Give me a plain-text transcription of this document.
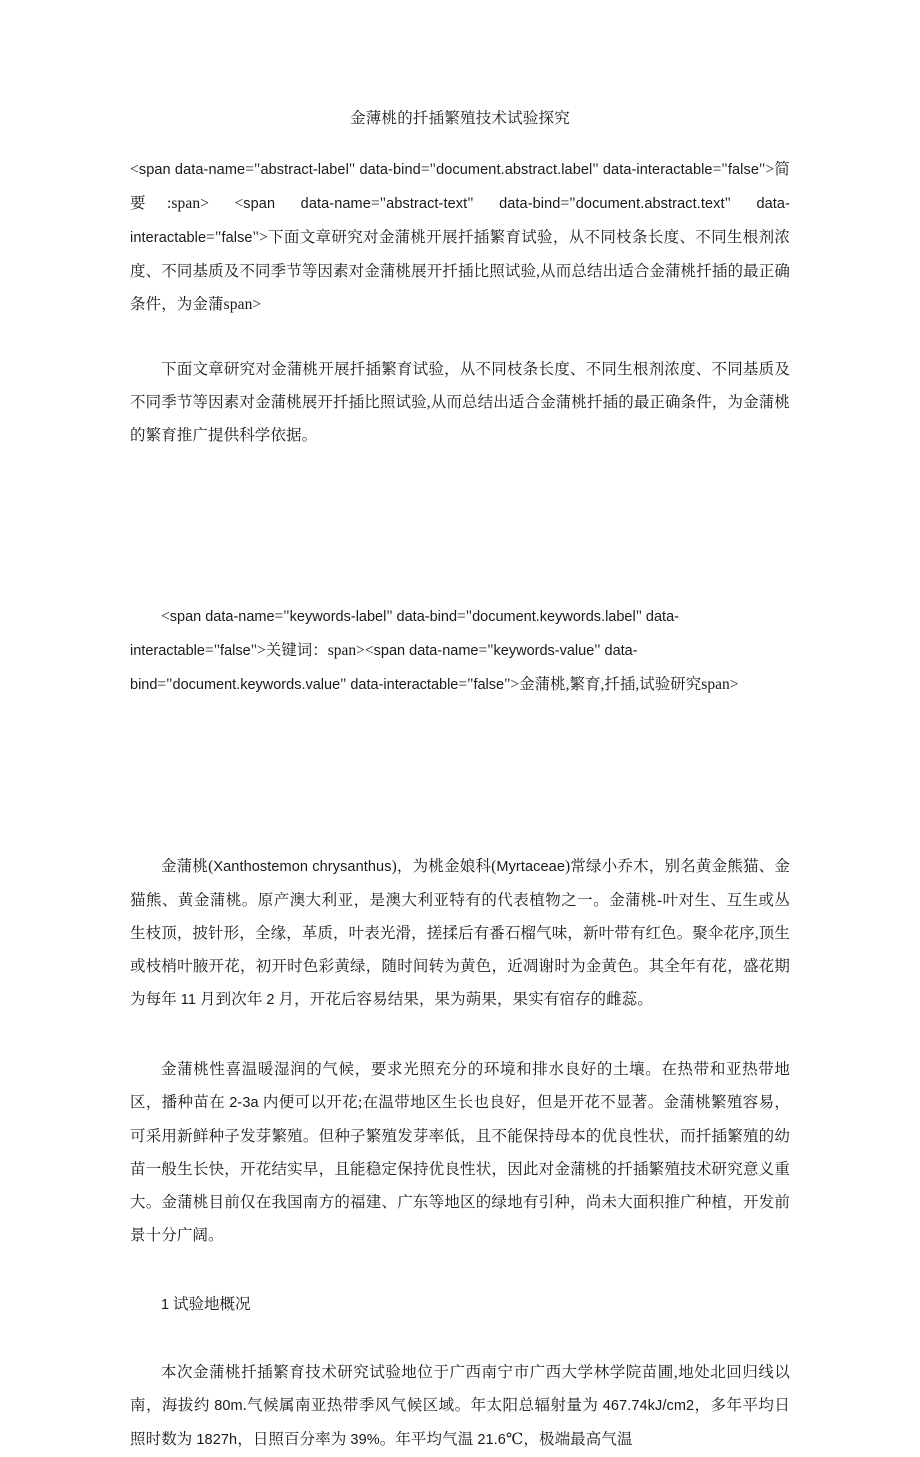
金薄桃的扦插繁殖技术试验探究

<span data-name="abstract-label" data-bind="document.abstract.label" data-interactable="false">简要:span> <span data-name="abstract-text" data-bind="document.abstract.text" data-interactable="false">下面文章研究对金蒲桃开展扦插繁育试验，从不同枝条长度、不同生根剂浓度、不同基质及不同季节等因素对金蒲桃展开扦插比照试验,从而总结出适合金蒲桃扦插的最正确条件，为金蒲span>

下面文章研究对金蒲桃开展扦插繁育试验，从不同枝条长度、不同生根剂浓度、不同基质及不同季节等因素对金蒲桃展开扦插比照试验,从而总结出适合金蒲桃扦插的最正确条件，为金蒲桃的繁育推广提供科学依据。

<span data-name="keywords-label" data-bind="document.keywords.label" data-interactable="false">关键词：span><span data-name="keywords-value" data-bind="document.keywords.value" data-interactable="false">金蒲桃,繁育,扦插,试验研究span>

金蒲桃(Xanthostemon chrysanthus)，为桃金娘科(Myrtaceae)常绿小乔木，别名黄金熊猫、金猫熊、黄金蒲桃。原产澳大利亚，是澳大利亚特有的代表植物之一。金蒲桃-叶对生、互生或丛生枝顶，披针形，全缘，革质，叶表光滑，搓揉后有番石榴气味，新叶带有红色。聚伞花序,顶生或枝梢叶腋开花，初开时色彩黄绿，随时间转为黄色，近凋谢时为金黄色。其全年有花，盛花期为每年 11 月到次年 2 月，开花后容易结果，果为蒴果，果实有宿存的雌蕊。

金蒲桃性喜温暖湿润的气候，要求光照充分的环境和排水良好的土壤。在热带和亚热带地区，播种苗在 2-3a 内便可以开花;在温带地区生长也良好，但是开花不显著。金蒲桃繁殖容易，可采用新鲜种子发芽繁殖。但种子繁殖发芽率低，且不能保持母本的优良性状，而扦插繁殖的幼苗一般生长快，开花结实早，且能稳定保持优良性状，因此对金蒲桃的扦插繁殖技术研究意义重大。金蒲桃目前仅在我国南方的福建、广东等地区的绿地有引种，尚未大面积推广种植，开发前景十分广阔。

1 试验地概况

本次金蒲桃扦插繁育技术研究试验地位于广西南宁市广西大学林学院苗圃,地处北回归线以南，海拔约 80m.气候属南亚热带季风气候区域。年太阳总辐射量为 467.74kJ/cm2，多年平均日照时数为 1827h，日照百分率为 39%。年平均气温 21.6℃，极端最高气温
